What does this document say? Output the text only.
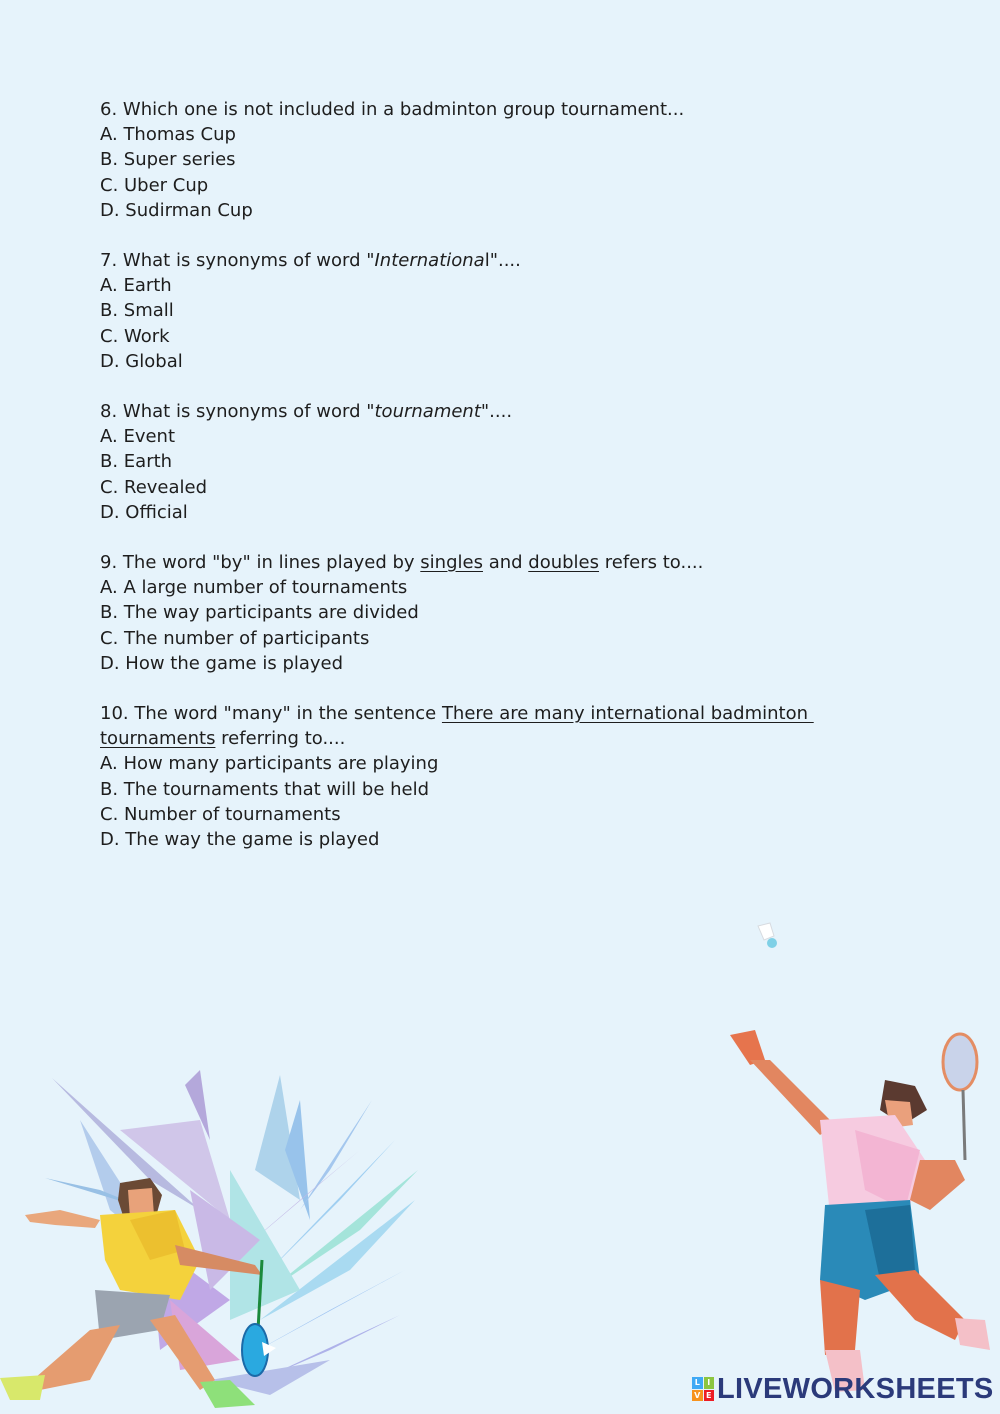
6. Which one is not included in a badminton group tournament...
A. Thomas Cup
B. Super series
C. Uber Cup
D. Sudirman Cup
7. What is synonyms of word "International"....
A. Earth
B. Small
C. Work
D. Global
8. What is synonyms of word "tournament"....
A. Event
B. Earth
C. Revealed
D. Official
9. The word "by" in lines played by singles and doubles refers to....
A. A large number of tournaments
B. The way participants are divided
C. The number of participants
D. How the game is played
10. The word "many" in the sentence There are many international badminton
tournaments referring to....
A. How many participants are playing
B. The tournaments that will be held
C. Number of tournaments
D. The way the game is played
L I
V E LIVEWORKSHEETS
